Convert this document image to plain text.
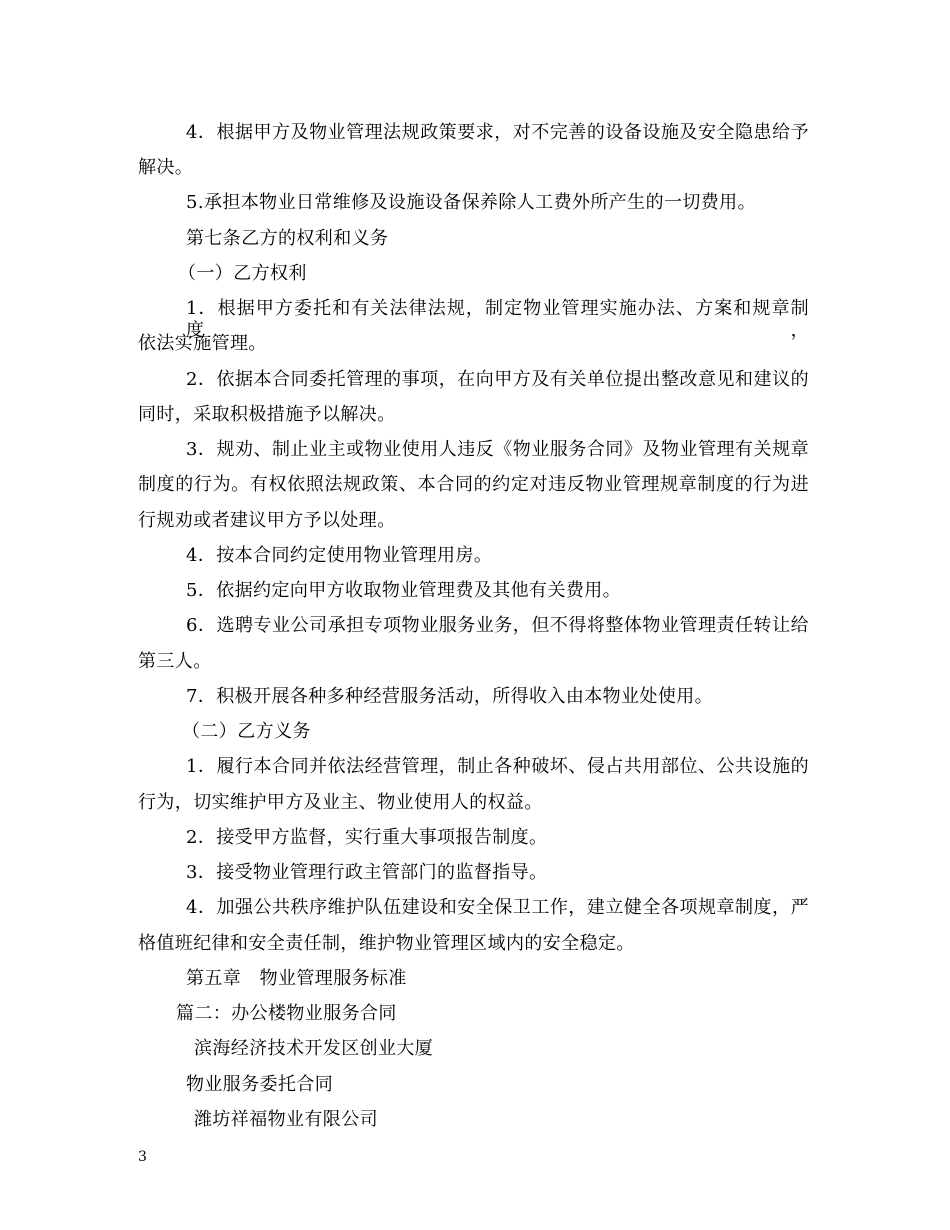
4．根据甲方及物业管理法规政策要求，对不完善的设备设施及安全隐患给予
解决。
5.承担本物业日常维修及设施设备保养除人工费外所产生的一切费用。
第七条乙方的权利和义务
（一）乙方权利
1．根据甲方委托和有关法律法规，制定物业管理实施办法、方案和规章制度，
依法实施管理。
2．依据本合同委托管理的事项，在向甲方及有关单位提出整改意见和建议的
同时，采取积极措施予以解决。
3．规劝、制止业主或物业使用人违反《物业服务合同》及物业管理有关规章
制度的行为。有权依照法规政策、本合同的约定对违反物业管理规章制度的行为进
行规劝或者建议甲方予以处理。
4．按本合同约定使用物业管理用房。
5．依据约定向甲方收取物业管理费及其他有关费用。
6．选聘专业公司承担专项物业服务业务，但不得将整体物业管理责任转让给
第三人。
7．积极开展各种多种经营服务活动，所得收入由本物业处使用。
（二）乙方义务
1．履行本合同并依法经营管理，制止各种破坏、侵占共用部位、公共设施的
行为，切实维护甲方及业主、物业使用人的权益。
2．接受甲方监督，实行重大事项报告制度。
3．接受物业管理行政主管部门的监督指导。
4．加强公共秩序维护队伍建设和安全保卫工作，建立健全各项规章制度，严
格值班纪律和安全责任制，维护物业管理区域内的安全稳定。
第五章　物业管理服务标准
篇二：办公楼物业服务合同
滨海经济技术开发区创业大厦
物业服务委托合同
潍坊祥福物业有限公司
3
